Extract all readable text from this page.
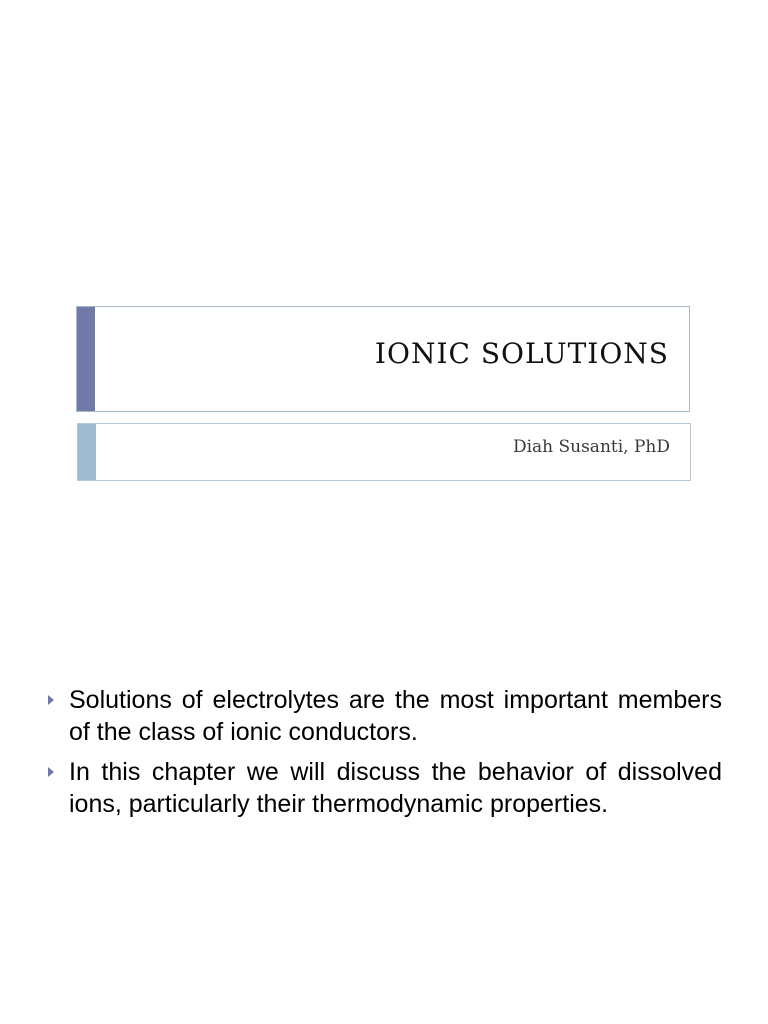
IONIC SOLUTIONS
Diah Susanti, PhD
Solutions of electrolytes are the most important members of the class of ionic conductors.
In this chapter we will discuss the behavior of dissolved ions, particularly their thermodynamic properties.
